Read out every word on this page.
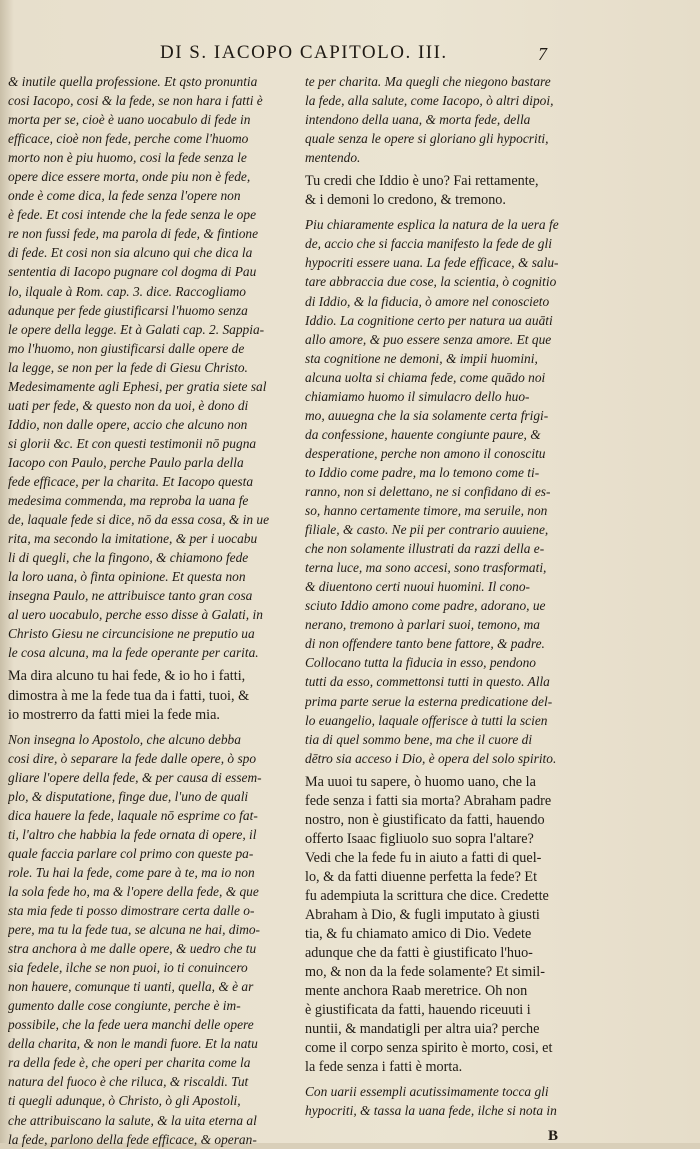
DI S. IACOPO CAPITOLO. III.	7
& inutile quella professione. Et qsto pronuntia
cosi Iacopo, cosi & la fede, se non hara i fatti è
morta per se, cioè è uano uocabulo di fede in
efficace, cioè non fede, perche come l'huomo
morto non è piu huomo, cosi la fede senza le
opere dice essere morta, onde piu non è fede,
onde è come dica, la fede senza l'opere non
è fede. Et cosi intende che la fede senza le ope
re non fussi fede, ma parola di fede, & fintione
di fede. Et cosi non sia alcuno qui che dica la
sententia di Iacopo pugnare col dogma di Pau
lo, ilquale à Rom. cap. 3. dice. Raccogliamo
adunque per fede giustificarsi l'huomo senza
le opere della legge. Et à Galati cap. 2. Sappia-
mo l'huomo, non giustificarsi dalle opere de
la legge, se non per la fede di Giesu Christo.
Medesimamente agli Ephesi, per gratia siete sal
uati per fede, & questo non da uoi, è dono di
Iddio, non dalle opere, accio che alcuno non
si glorii &c. Et con questi testimonii nō pugna
Iacopo con Paulo, perche Paulo parla della
fede efficace, per la charita. Et Iacopo questa
medesima commenda, ma reproba la uana fe
de, laquale fede si dice, nō da essa cosa, & in ue
rita, ma secondo la imitatione, & per i uocabu
li di quegli, che la fingono, & chiamono fede
la loro uana, ò finta opinione. Et questa non
insegna Paulo, ne attribuisce tanto gran cosa
al uero uocabulo, perche esso disse à Galati, in
Christo Giesu ne circuncisione ne preputio ua
le cosa alcuna, ma la fede operante per carita.
Ma dira alcuno tu hai fede, & io ho i fatti,
dimostra à me la fede tua da i fatti, tuoi, &
io mostrerro da fatti miei la fede mia.
Non insegna lo Apostolo, che alcuno debba
cosi dire, ò separare la fede dalle opere, ò spo
gliare l'opere della fede, & per causa di essem-
plo, & disputatione, finge due, l'uno de quali
dica hauere la fede, laquale nō esprime co fat-
ti, l'altro che habbia la fede ornata di opere, il
quale faccia parlare col primo con queste pa-
role. Tu hai la fede, come pare à te, ma io non
la sola fede ho, ma & l'opere della fede, & que
sta mia fede ti posso dimostrare certa dalle o-
pere, ma tu la fede tua, se alcuna ne hai, dimo-
stra anchora à me dalle opere, & uedro che tu
sia fedele, ilche se non puoi, io ti conuincero
non hauere, comunque ti uanti, quella, & è ar
gumento dalle cose congiunte, perche è im-
possibile, che la fede uera manchi delle opere
della charita, & non le mandi fuore. Et la natu
ra della fede è, che operi per charita come la
natura del fuoco è che riluca, & riscaldi. Tut
ti quegli adunque, ò Christo, ò gli Apostoli,
che attribuiscano la salute, & la uita eterna al
la fede, parlono della fede efficace, & operan-
te per charita. Ma quegli che niegono bastare
la fede, alla salute, come Iacopo, ò altri dipoi,
intendono della uana, & morta fede, della
quale senza le opere si gloriano gli hypocriti,
mentendo.
Tu credi che Iddio è uno? Fai rettamente,
& i demoni lo credono, & tremono.
Piu chiaramente esplica la natura de la uera fe
de, accio che si faccia manifesto la fede de gli
hypocriti essere uana. La fede efficace, & salu-
tare abbraccia due cose, la scientia, ò cognitio
di Iddio, & la fiducia, ò amore nel conoscieto
Iddio. La cognitione certo per natura ua auāti
allo amore, & puo essere senza amore. Et que
sta cognitione ne demoni, & impii huomini,
alcuna uolta si chiama fede, come quādo noi
chiamiamo huomo il simulacro dello huo-
mo, auuegna che la sia solamente certa frigi-
da confessione, hauente congiunte paure, &
desperatione, perche non amono il conoscitu
to Iddio come padre, ma lo temono come ti-
ranno, non si delettano, ne si confidano di es-
so, hanno certamente timore, ma seruile, non
filiale, & casto. Ne pii per contrario auuiene,
che non solamente illustrati da razzi della e-
terna luce, ma sono accesi, sono trasformati,
& diuentono certi nuoui huomini. Il cono-
sciuto Iddio amono come padre, adorano, ue
nerano, tremono à parlari suoi, temono, ma
di non offendere tanto bene fattore, & padre.
Collocano tutta la fiducia in esso, pendono
tutti da esso, commettonsi tutti in questo. Alla
prima parte serue la esterna predicatione del-
lo euangelio, laquale offerisce à tutti la scien
tia di quel sommo bene, ma che il cuore di
dētro sia acceso i Dio, è opera del solo spirito.
Ma uuoi tu sapere, ò huomo uano, che la
fede senza i fatti sia morta? Abraham padre
nostro, non è giustificato da fatti, hauendo
offerto Isaac figliuolo suo sopra l'altare?
Vedi che la fede fu in aiuto a fatti di quel-
lo, & da fatti diuenne perfetta la fede? Et
fu adempiuta la scrittura che dice. Credette
Abraham à Dio, & fugli imputato à giusti
tia, & fu chiamato amico di Dio. Vedete
adunque che da fatti è giustificato l'huo-
mo, & non da la fede solamente? Et simil-
mente anchora Raab meretrice. Oh non
è giustificata da fatti, hauendo riceuuti i
nuntii, & mandatigli per altra uia? perche
come il corpo senza spirito è morto, cosi, et
la fede senza i fatti è morta.
Con uarii essempli acutissimamente tocca gli
hypocriti, & tassa la uana fede, ilche si nota in
B
